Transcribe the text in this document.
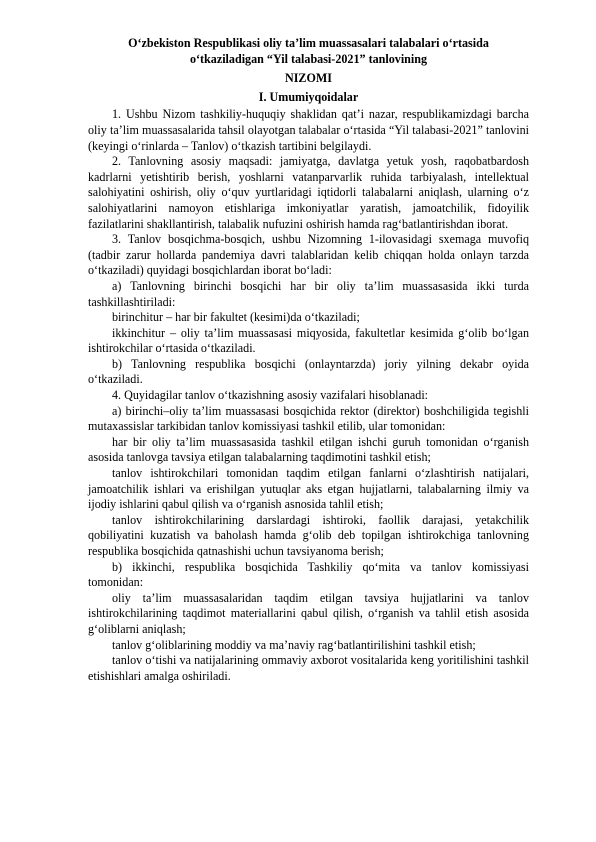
O‘zbekiston Respublikasi oliy ta’lim muassasalari talabalari o‘rtasida
o‘tkaziladigan “Yil talabasi-2021” tanlovining
NIZOMI
I. Umumiyqoidalar

1. Ushbu Nizom tashkiliy-huquqiy shaklidan qat’i nazar, respublikamizdagi barcha oliy ta’lim muassasalarida tahsil olayotgan talabalar o‘rtasida “Yil talabasi-2021” tanlovini (keyingi o‘rinlarda – Tanlov) o‘tkazish tartibini belgilaydi.

2. Tanlovning asosiy maqsadi: jamiyatga, davlatga yetuk yosh, raqobatbardosh kadrlarni yetishtirib berish, yoshlarni vatanparvarlik ruhida tarbiyalash, intellektual salohiyatini oshirish, oliy o‘quv yurtlaridagi iqtidorli talabalarni aniqlash, ularning o‘z salohiyatlarini namoyon etishlariga imkoniyatlar yaratish, jamoatchilik, fidoyilik fazilatlarini shakllantirish, talabalik nufuzini oshirish hamda rag‘batlantirishdan iborat.

3. Tanlov bosqichma-bosqich, ushbu Nizomning 1-ilovasidagi sxemaga muvofiq (tadbir zarur hollarda pandemiya davri talablaridan kelib chiqqan holda onlayn tarzda o‘tkaziladi) quyidagi bosqichlardan iborat bo‘ladi:

a) Tanlovning birinchi bosqichi har bir oliy ta’lim muassasasida ikki turda tashkillashtiriladi:

birinchitur – har bir fakultet (kesimi)da o‘tkaziladi;

ikkinchitur – oliy ta’lim muassasasi miqyosida, fakultetlar kesimida g‘olib bo‘lgan ishtirokchilar o‘rtasida o‘tkaziladi.

b) Tanlovning respublika bosqichi (onlayntarzda) joriy yilning dekabr oyida o‘tkaziladi.

4. Quyidagilar tanlov o‘tkazishning asosiy vazifalari hisoblanadi:

a) birinchi–oliy ta’lim muassasasi bosqichida rektor (direktor) boshchiligida tegishli mutaxassislar tarkibidan tanlov komissiyasi tashkil etilib, ular tomonidan:

har bir oliy ta’lim muassasasida tashkil etilgan ishchi guruh tomonidan o‘rganish asosida tanlovga tavsiya etilgan talabalarning taqdimotini tashkil etish;

tanlov ishtirokchilari tomonidan taqdim etilgan fanlarni o‘zlashtirish natijalari, jamoatchilik ishlari va erishilgan yutuqlar aks etgan hujjatlarni, talabalarning ilmiy va ijodiy ishlarini qabul qilish va o‘rganish asnosida tahlil etish;

tanlov ishtirokchilarining darslardagi ishtiroki, faollik darajasi, yetakchilik qobiliyatini kuzatish va baholash hamda g‘olib deb topilgan ishtirokchiga tanlovning respublika bosqichida qatnashishi uchun tavsiyanoma berish;

b) ikkinchi, respublika bosqichida Tashkiliy qo‘mita va tanlov komissiyasi tomonidan:

oliy ta’lim muassasalaridan taqdim etilgan tavsiya hujjatlarini va tanlov ishtirokchilarining taqdimot materiallarini qabul qilish, o‘rganish va tahlil etish asosida g‘oliblarni aniqlash;

tanlov g‘oliblarining moddiy va ma’naviy rag‘batlantirilishini tashkil etish;

tanlov o‘tishi va natijalarining ommaviy axborot vositalarida keng yoritilishini tashkil etishishlari amalga oshiriladi.
